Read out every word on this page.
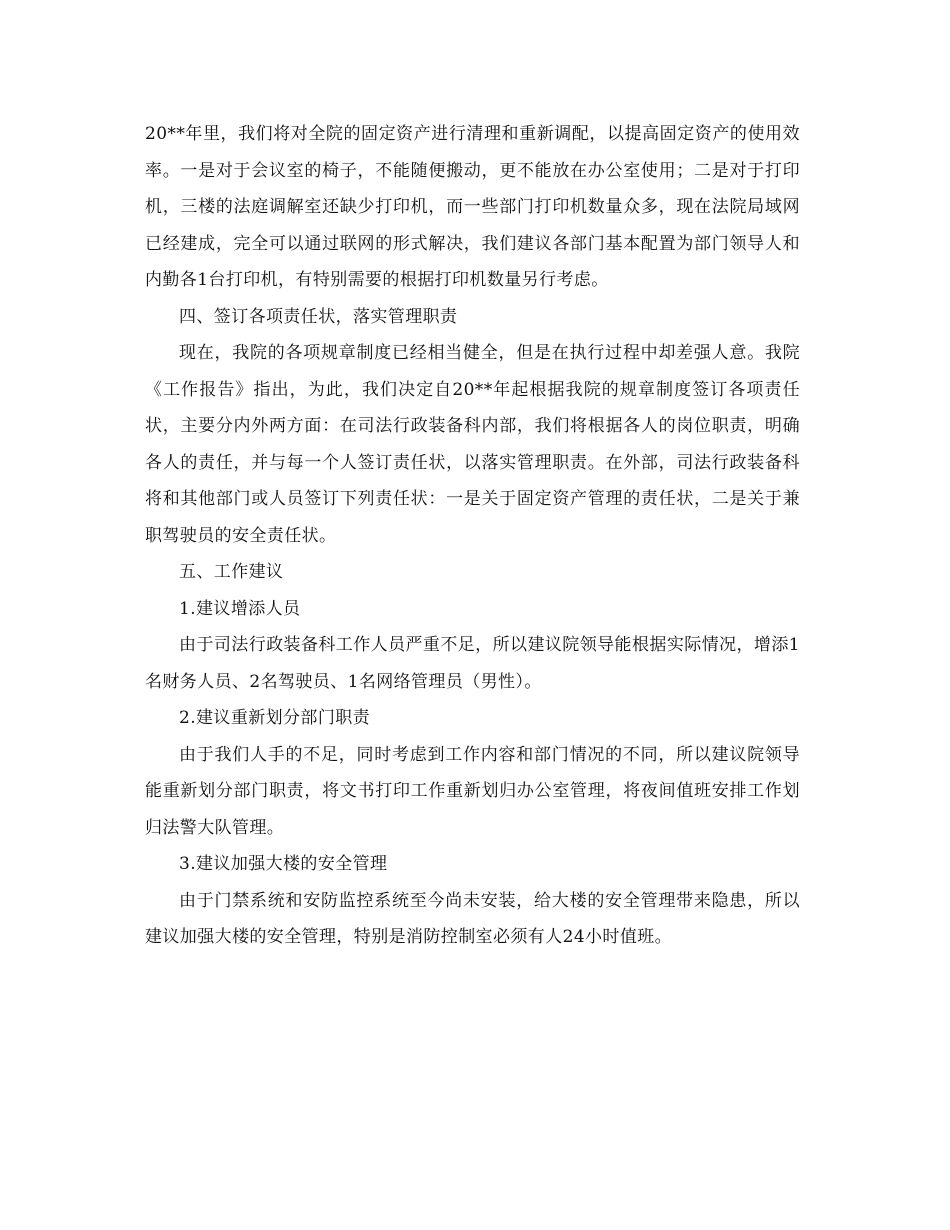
20**年里，我们将对全院的固定资产进行清理和重新调配，以提高固定资产的使用效率。一是对于会议室的椅子，不能随便搬动，更不能放在办公室使用；二是对于打印机，三楼的法庭调解室还缺少打印机，而一些部门打印机数量众多，现在法院局域网已经建成，完全可以通过联网的形式解决，我们建议各部门基本配置为部门领导人和内勤各1台打印机，有特别需要的根据打印机数量另行考虑。

四、签订各项责任状，落实管理职责

现在，我院的各项规章制度已经相当健全，但是在执行过程中却差强人意。我院《工作报告》指出，为此，我们决定自20**年起根据我院的规章制度签订各项责任状，主要分内外两方面：在司法行政装备科内部，我们将根据各人的岗位职责，明确各人的责任，并与每一个人签订责任状，以落实管理职责。在外部，司法行政装备科将和其他部门或人员签订下列责任状：一是关于固定资产管理的责任状，二是关于兼职驾驶员的安全责任状。

五、工作建议

1.建议增添人员

由于司法行政装备科工作人员严重不足，所以建议院领导能根据实际情况，增添1名财务人员、2名驾驶员、1名网络管理员（男性）。

2.建议重新划分部门职责

由于我们人手的不足，同时考虑到工作内容和部门情况的不同，所以建议院领导能重新划分部门职责，将文书打印工作重新划归办公室管理，将夜间值班安排工作划归法警大队管理。

3.建议加强大楼的安全管理

由于门禁系统和安防监控系统至今尚未安装，给大楼的安全管理带来隐患，所以建议加强大楼的安全管理，特别是消防控制室必须有人24小时值班。
